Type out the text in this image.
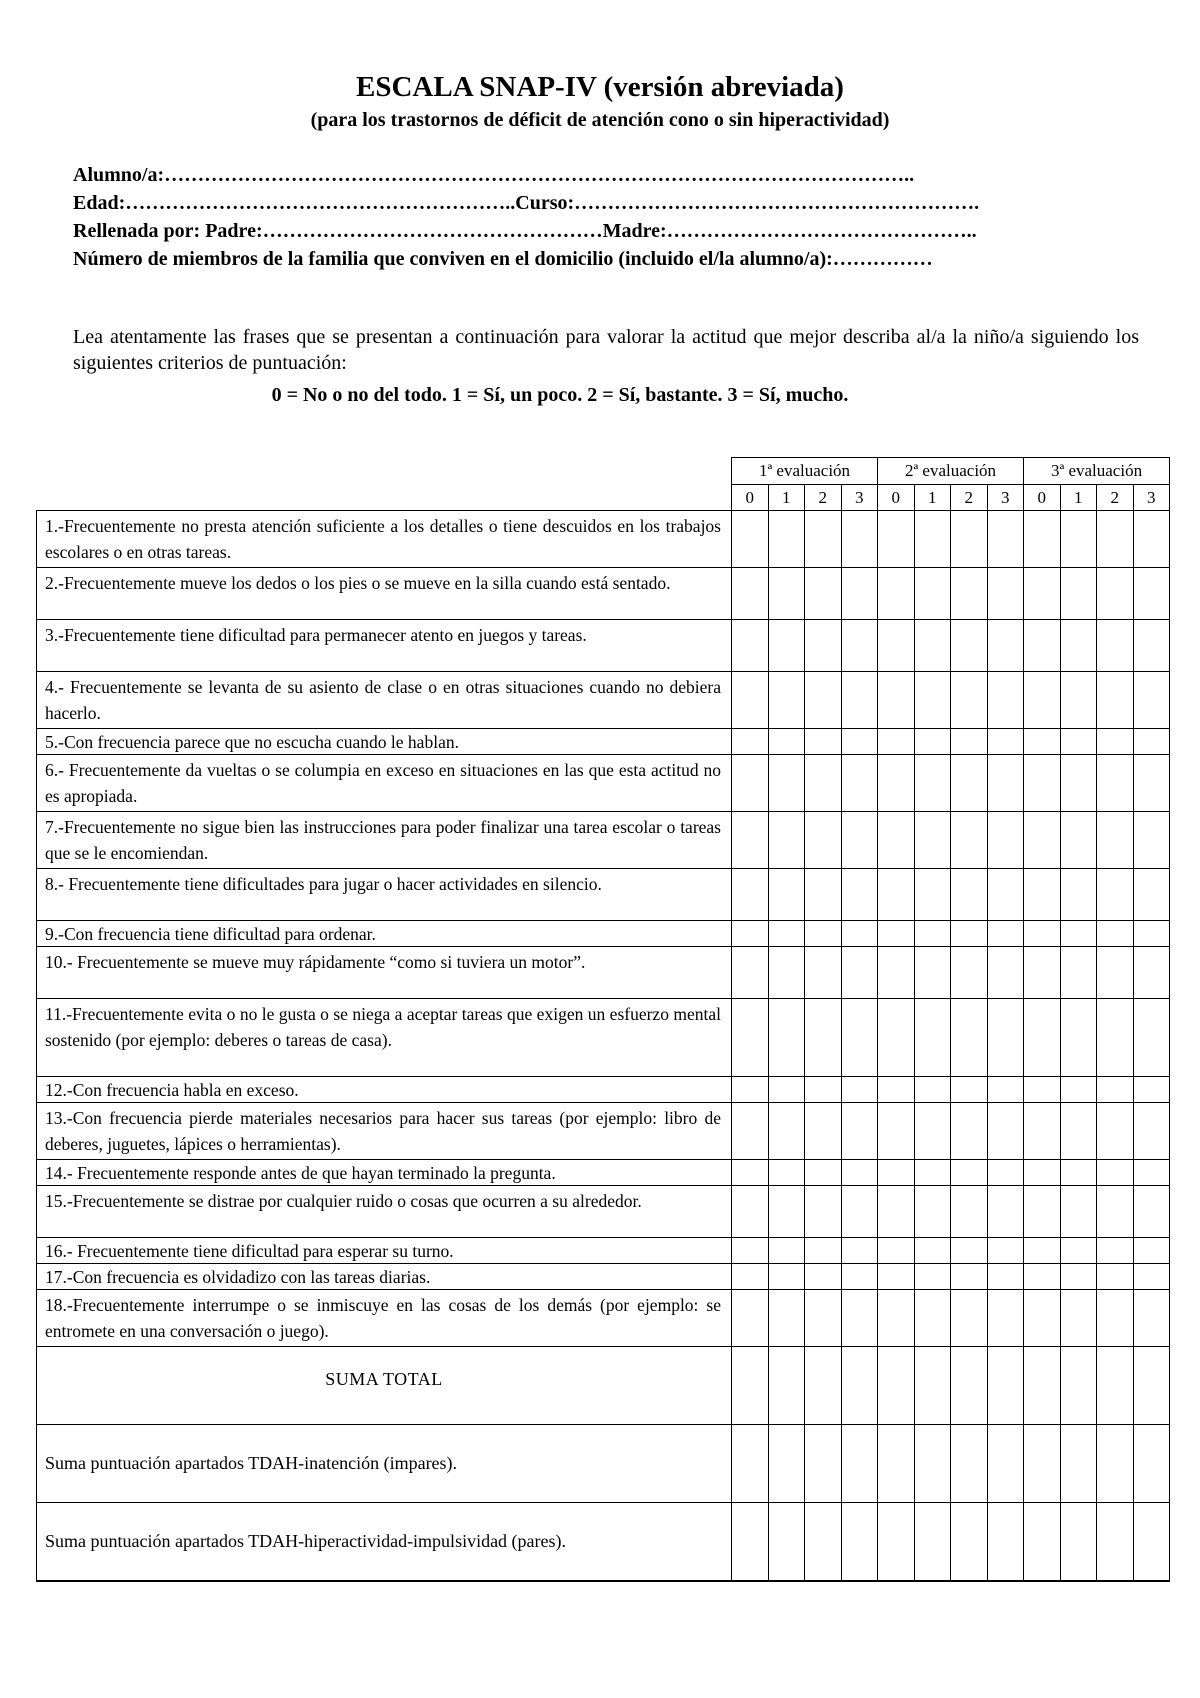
ESCALA SNAP-IV (versión abreviada)
(para los trastornos de déficit de atención cono o sin hiperactividad)
Alumno/a:…………………………………………………………………………………………………..
Edad:…………………………………………………..Curso:…………………………………………………….
Rellenada por: Padre:……………………………………………Madre:………………………………………..
Número de miembros de la familia que conviven en el domicilio (incluido el/la alumno/a):……………
Lea atentamente las frases que se presentan a continuación para valorar la actitud que mejor describa al/a la niño/a siguiendo los siguientes criterios de puntuación:
0 = No o no del todo. 1 = Sí, un poco. 2 = Sí, bastante. 3 = Sí, mucho.
	1ª evaluación				2ª evaluación				3ª evaluación			
	0	1	2	3	0	1	2	3	0	1	2	3
1.-Frecuentemente no presta atención suficiente a los detalles o tiene descuidos en los trabajos escolares o en otras tareas.												
2.-Frecuentemente mueve los dedos o los pies o se mueve en la silla cuando está sentado.												
3.-Frecuentemente tiene dificultad para permanecer atento en juegos y tareas.												
4.- Frecuentemente se levanta de su asiento de clase o en otras situaciones cuando no debiera hacerlo.												
5.-Con frecuencia parece que no escucha cuando le hablan.												
6.- Frecuentemente da vueltas o se columpia en exceso en situaciones en las que esta actitud no es apropiada.												
7.-Frecuentemente no sigue bien las instrucciones para poder finalizar una tarea escolar o tareas que se le encomiendan.												
8.- Frecuentemente tiene dificultades para jugar o hacer actividades en silencio.												
9.-Con frecuencia tiene dificultad para ordenar.												
10.- Frecuentemente se mueve muy rápidamente “como si tuviera un motor”.												
11.-Frecuentemente evita o no le gusta o se niega a aceptar tareas que exigen un esfuerzo mental sostenido (por ejemplo: deberes o tareas de casa).												
12.-Con frecuencia habla en exceso.												
13.-Con frecuencia pierde materiales necesarios para hacer sus tareas (por ejemplo: libro de deberes, juguetes, lápices o herramientas).												
14.- Frecuentemente responde antes de que hayan terminado la pregunta.												
15.-Frecuentemente se distrae por cualquier ruido o cosas que ocurren a su alrededor.												
16.- Frecuentemente tiene dificultad para esperar su turno.												
17.-Con frecuencia es olvidadizo con las tareas diarias.												
18.-Frecuentemente interrumpe o se inmiscuye en las cosas de los demás (por ejemplo: se entromete en una conversación o juego).												
SUMA TOTAL												
Suma puntuación apartados TDAH-inatención (impares).												
Suma puntuación apartados TDAH-hiperactividad-impulsividad (pares).												
